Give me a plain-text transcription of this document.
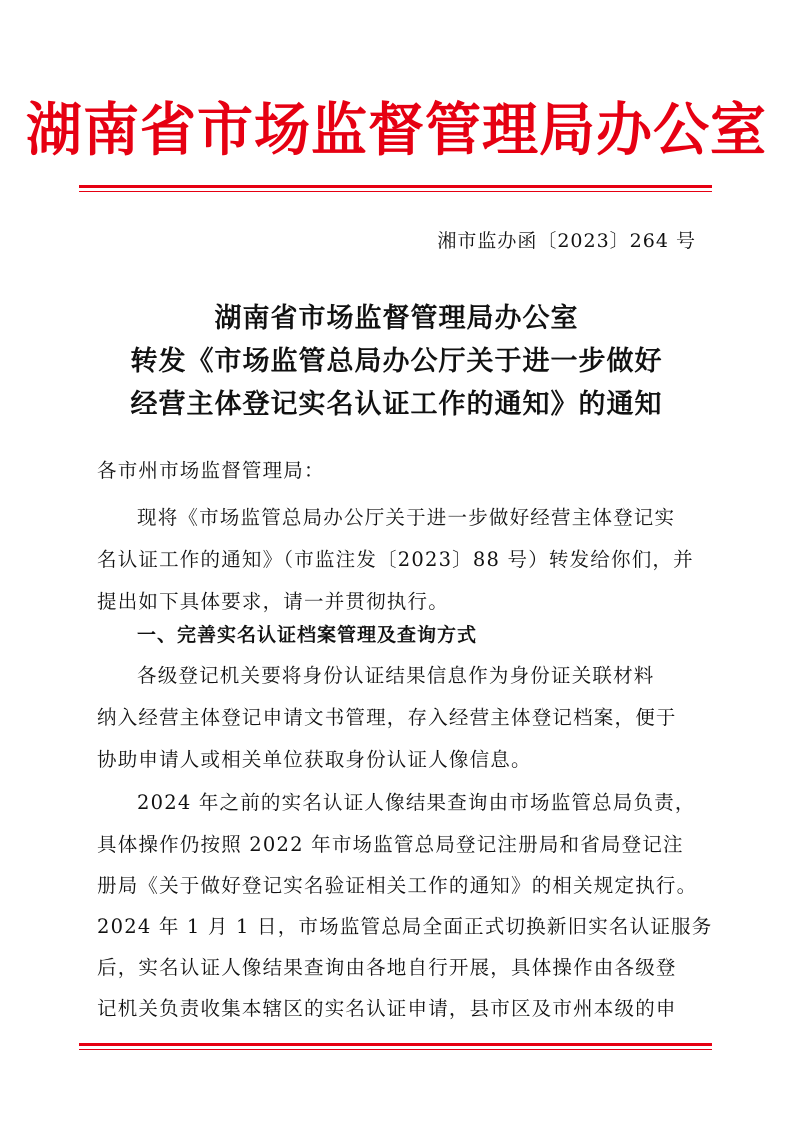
湖南省市场监督管理局办公室
湘市监办函〔2023〕264 号
湖南省市场监督管理局办公室
转发《市场监管总局办公厅关于进一步做好
经营主体登记实名认证工作的通知》的通知
各市州市场监督管理局：
现将《市场监管总局办公厅关于进一步做好经营主体登记实
名认证工作的通知》（市监注发〔2023〕88 号）转发给你们，并
提出如下具体要求，请一并贯彻执行。
一、完善实名认证档案管理及查询方式
各级登记机关要将身份认证结果信息作为身份证关联材料
纳入经营主体登记申请文书管理，存入经营主体登记档案，便于
协助申请人或相关单位获取身份认证人像信息。
2024 年之前的实名认证人像结果查询由市场监管总局负责，
具体操作仍按照 2022 年市场监管总局登记注册局和省局登记注
册局《关于做好登记实名验证相关工作的通知》的相关规定执行。
2024 年 1 月 1 日，市场监管总局全面正式切换新旧实名认证服务
后，实名认证人像结果查询由各地自行开展，具体操作由各级登
记机关负责收集本辖区的实名认证申请，县市区及市州本级的申
